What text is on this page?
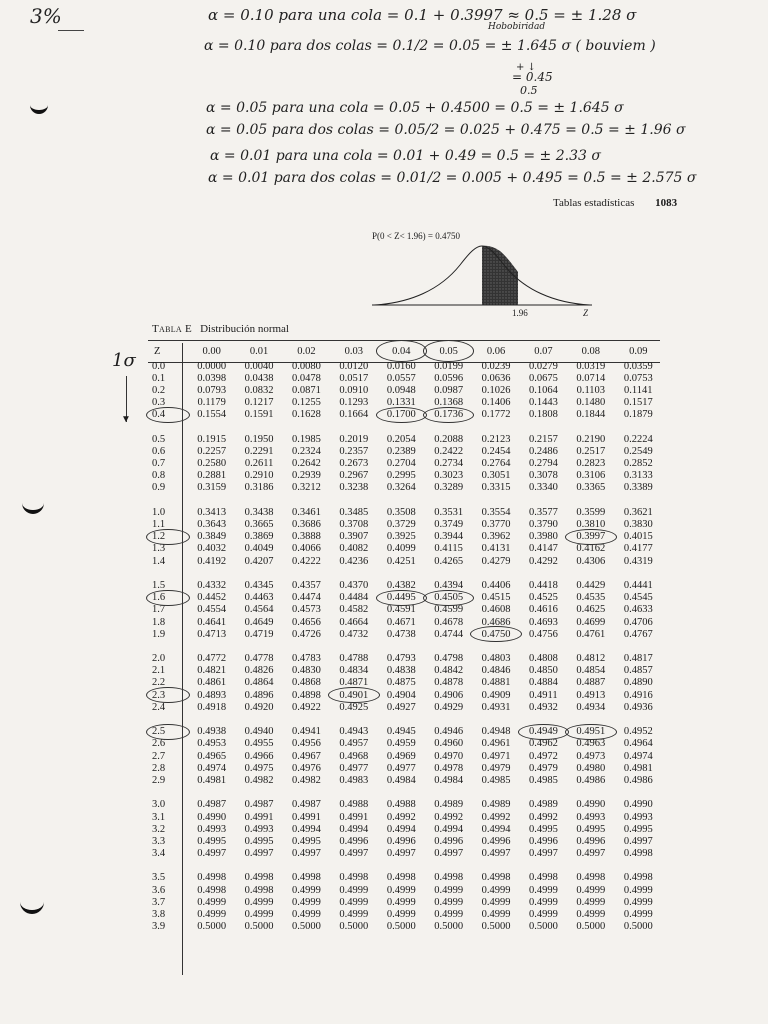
3%	α = 0.10 para una cola = 0.1 + 0.3997 ≈ 0.5 = ± 1.28 σ
Hobobiridad
α = 0.10 para dos colas = 0.1/2 = 0.05 = ± 1.645 σ ( bouviem )
+ ↓
= 0.45
0.5
α = 0.05 para una cola = 0.05 + 0.4500 = 0.5 = ± 1.645 σ
α = 0.05 para dos colas = 0.05/2 = 0.025 + 0.475 = 0.5 = ± 1.96 σ
α = 0.01 para una cola = 0.01 + 0.49 = 0.5 = ± 2.33 σ
α = 0.01 para dos colas = 0.01/2 = 0.005 + 0.495 = 0.5 = ± 2.575 σ
Tablas estadísticas 1083
P(0 < Z< 1.96) = 0.4750
1.96	Z
Tabla E Distribución normal
Z	0.00	0.01	0.02	0.03	0.04	0.05	0.06	0.07	0.08	0.09
0.0	0.0000	0.0040	0.0080	0.0120	0.0160	0.0199	0.0239	0.0279	0.0319	0.0359
0.1	0.0398	0.0438	0.0478	0.0517	0.0557	0.0596	0.0636	0.0675	0.0714	0.0753
0.2	0.0793	0.0832	0.0871	0.0910	0.0948	0.0987	0.1026	0.1064	0.1103	0.1141
0.3	0.1179	0.1217	0.1255	0.1293	0.1331	0.1368	0.1406	0.1443	0.1480	0.1517
0.4	0.1554	0.1591	0.1628	0.1664	0.1700	0.1736	0.1772	0.1808	0.1844	0.1879

0.5	0.1915	0.1950	0.1985	0.2019	0.2054	0.2088	0.2123	0.2157	0.2190	0.2224
0.6	0.2257	0.2291	0.2324	0.2357	0.2389	0.2422	0.2454	0.2486	0.2517	0.2549
0.7	0.2580	0.2611	0.2642	0.2673	0.2704	0.2734	0.2764	0.2794	0.2823	0.2852
0.8	0.2881	0.2910	0.2939	0.2967	0.2995	0.3023	0.3051	0.3078	0.3106	0.3133
0.9	0.3159	0.3186	0.3212	0.3238	0.3264	0.3289	0.3315	0.3340	0.3365	0.3389

1.0	0.3413	0.3438	0.3461	0.3485	0.3508	0.3531	0.3554	0.3577	0.3599	0.3621
1.1	0.3643	0.3665	0.3686	0.3708	0.3729	0.3749	0.3770	0.3790	0.3810	0.3830
1.2	0.3849	0.3869	0.3888	0.3907	0.3925	0.3944	0.3962	0.3980	0.3997	0.4015
1.3	0.4032	0.4049	0.4066	0.4082	0.4099	0.4115	0.4131	0.4147	0.4162	0.4177
1.4	0.4192	0.4207	0.4222	0.4236	0.4251	0.4265	0.4279	0.4292	0.4306	0.4319

1.5	0.4332	0.4345	0.4357	0.4370	0.4382	0.4394	0.4406	0.4418	0.4429	0.4441
1.6	0.4452	0.4463	0.4474	0.4484	0.4495	0.4505	0.4515	0.4525	0.4535	0.4545
1.7	0.4554	0.4564	0.4573	0.4582	0.4591	0.4599	0.4608	0.4616	0.4625	0.4633
1.8	0.4641	0.4649	0.4656	0.4664	0.4671	0.4678	0.4686	0.4693	0.4699	0.4706
1.9	0.4713	0.4719	0.4726	0.4732	0.4738	0.4744	0.4750	0.4756	0.4761	0.4767

2.0	0.4772	0.4778	0.4783	0.4788	0.4793	0.4798	0.4803	0.4808	0.4812	0.4817
2.1	0.4821	0.4826	0.4830	0.4834	0.4838	0.4842	0.4846	0.4850	0.4854	0.4857
2.2	0.4861	0.4864	0.4868	0.4871	0.4875	0.4878	0.4881	0.4884	0.4887	0.4890
2.3	0.4893	0.4896	0.4898	0.4901	0.4904	0.4906	0.4909	0.4911	0.4913	0.4916
2.4	0.4918	0.4920	0.4922	0.4925	0.4927	0.4929	0.4931	0.4932	0.4934	0.4936

2.5	0.4938	0.4940	0.4941	0.4943	0.4945	0.4946	0.4948	0.4949	0.4951	0.4952
2.6	0.4953	0.4955	0.4956	0.4957	0.4959	0.4960	0.4961	0.4962	0.4963	0.4964
2.7	0.4965	0.4966	0.4967	0.4968	0.4969	0.4970	0.4971	0.4972	0.4973	0.4974
2.8	0.4974	0.4975	0.4976	0.4977	0.4977	0.4978	0.4979	0.4979	0.4980	0.4981
2.9	0.4981	0.4982	0.4982	0.4983	0.4984	0.4984	0.4985	0.4985	0.4986	0.4986

3.0	0.4987	0.4987	0.4987	0.4988	0.4988	0.4989	0.4989	0.4989	0.4990	0.4990
3.1	0.4990	0.4991	0.4991	0.4991	0.4992	0.4992	0.4992	0.4992	0.4993	0.4993
3.2	0.4993	0.4993	0.4994	0.4994	0.4994	0.4994	0.4994	0.4995	0.4995	0.4995
3.3	0.4995	0.4995	0.4995	0.4996	0.4996	0.4996	0.4996	0.4996	0.4996	0.4997
3.4	0.4997	0.4997	0.4997	0.4997	0.4997	0.4997	0.4997	0.4997	0.4997	0.4998

3.5	0.4998	0.4998	0.4998	0.4998	0.4998	0.4998	0.4998	0.4998	0.4998	0.4998
3.6	0.4998	0.4998	0.4999	0.4999	0.4999	0.4999	0.4999	0.4999	0.4999	0.4999
3.7	0.4999	0.4999	0.4999	0.4999	0.4999	0.4999	0.4999	0.4999	0.4999	0.4999
3.8	0.4999	0.4999	0.4999	0.4999	0.4999	0.4999	0.4999	0.4999	0.4999	0.4999
3.9	0.5000	0.5000	0.5000	0.5000	0.5000	0.5000	0.5000	0.5000	0.5000	0.5000
1σ
▼
